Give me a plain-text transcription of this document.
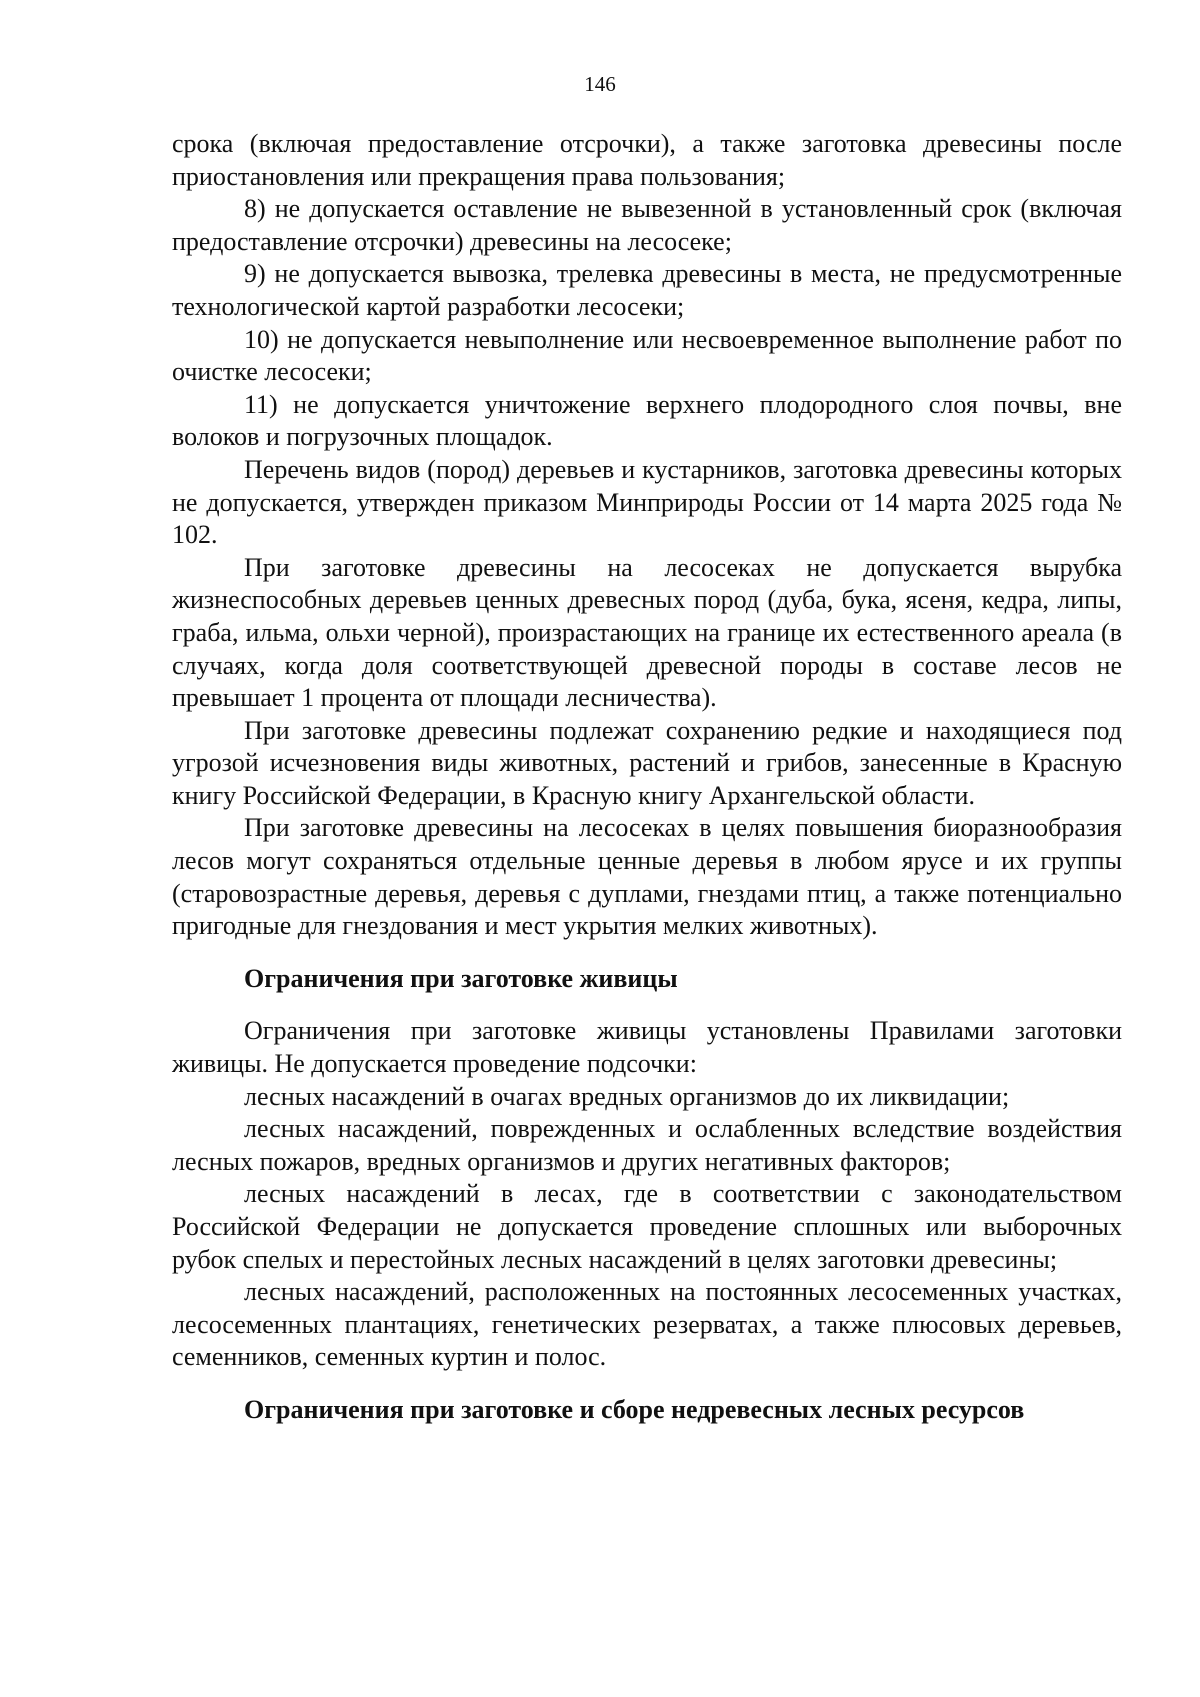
146

срока (включая предоставление отсрочки), а также заготовка древесины после приостановления или прекращения права пользования;

8) не допускается оставление не вывезенной в установленный срок (включая предоставление отсрочки) древесины на лесосеке;

9) не допускается вывозка, трелевка древесины в места, не предусмотренные технологической картой разработки лесосеки;

10) не допускается невыполнение или несвоевременное выполнение работ по очистке лесосеки;

11) не допускается уничтожение верхнего плодородного слоя почвы, вне волоков и погрузочных площадок.

Перечень видов (пород) деревьев и кустарников, заготовка древесины которых не допускается, утвержден приказом Минприроды России от 14 марта 2025 года № 102.

При заготовке древесины на лесосеках не допускается вырубка жизнеспособных деревьев ценных древесных пород (дуба, бука, ясеня, кедра, липы, граба, ильма, ольхи черной), произрастающих на границе их естественного ареала (в случаях, когда доля соответствующей древесной породы в составе лесов не превышает 1 процента от площади лесничества).

При заготовке древесины подлежат сохранению редкие и находящиеся под угрозой исчезновения виды животных, растений и грибов, занесенные в Красную книгу Российской Федерации, в Красную книгу Архангельской области.

При заготовке древесины на лесосеках в целях повышения биоразнообразия лесов могут сохраняться отдельные ценные деревья в любом ярусе и их группы (старовозрастные деревья, деревья с дуплами, гнездами птиц, а также потенциально пригодные для гнездования и мест укрытия мелких животных).

Ограничения при заготовке живицы

Ограничения при заготовке живицы установлены Правилами заготовки живицы. Не допускается проведение подсочки:

лесных насаждений в очагах вредных организмов до их ликвидации;

лесных насаждений, поврежденных и ослабленных вследствие воздействия лесных пожаров, вредных организмов и других негативных факторов;

лесных насаждений в лесах, где в соответствии с законодательством Российской Федерации не допускается проведение сплошных или выборочных рубок спелых и перестойных лесных насаждений в целях заготовки древесины;

лесных насаждений, расположенных на постоянных лесосеменных участках, лесосеменных плантациях, генетических резерватах, а также плюсовых деревьев, семенников, семенных куртин и полос.

Ограничения при заготовке и сборе недревесных лесных ресурсов
